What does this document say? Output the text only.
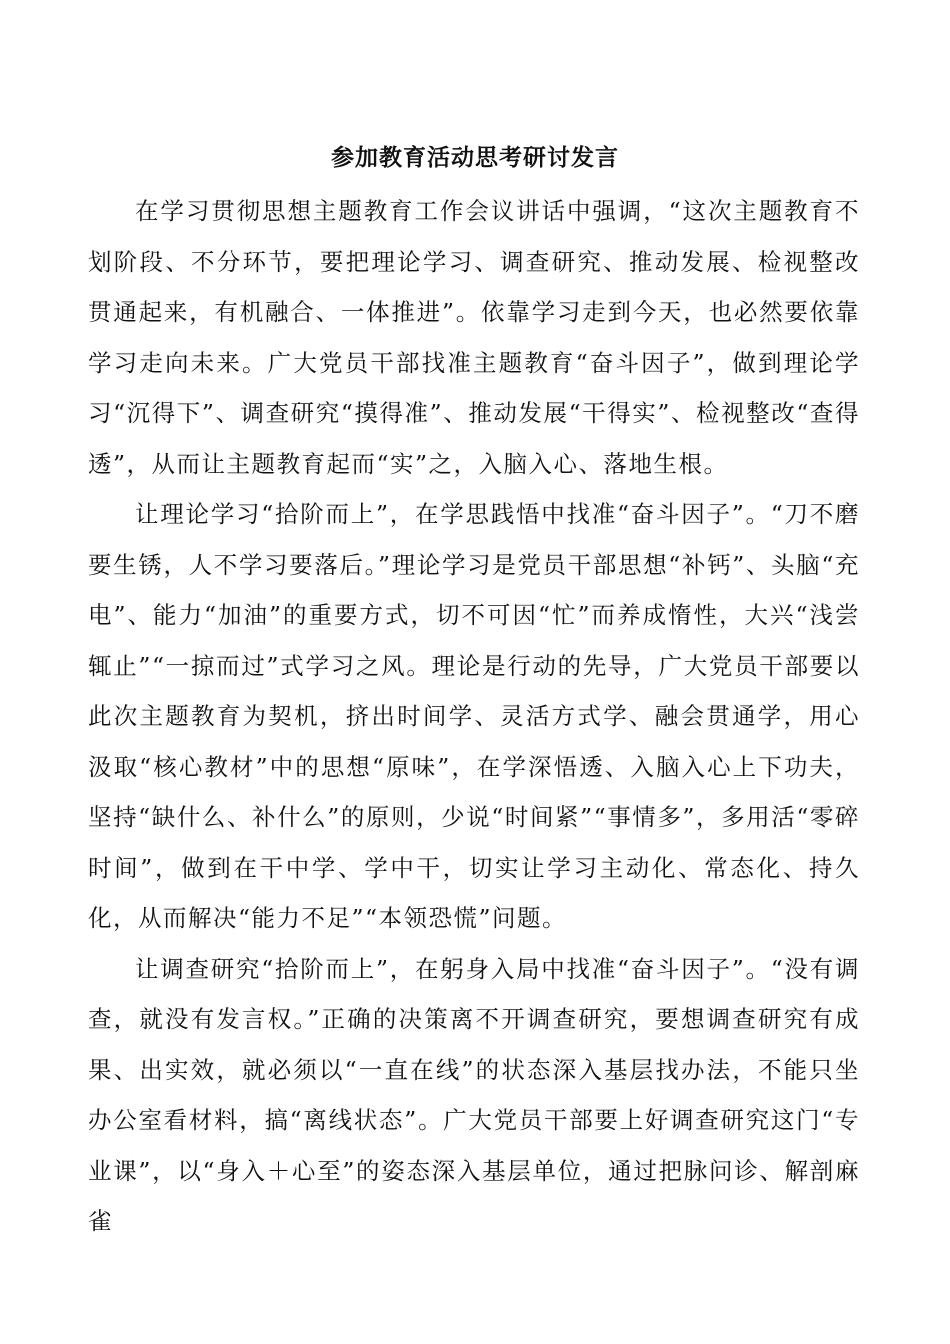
参加教育活动思考研讨发言

在学习贯彻思想主题教育工作会议讲话中强调，“这次主题教育不划阶段、不分环节，要把理论学习、调查研究、推动发展、检视整改贯通起来，有机融合、一体推进”。依靠学习走到今天，也必然要依靠学习走向未来。广大党员干部找准主题教育“奋斗因子”，做到理论学习“沉得下”、调查研究“摸得准”、推动发展“干得实”、检视整改“查得透”，从而让主题教育起而“实”之，入脑入心、落地生根。

让理论学习“拾阶而上”，在学思践悟中找准“奋斗因子”。“刀不磨要生锈，人不学习要落后。”理论学习是党员干部思想“补钙”、头脑“充电”、能力“加油”的重要方式，切不可因“忙”而养成惰性，大兴“浅尝辄止”“一掠而过”式学习之风。理论是行动的先导，广大党员干部要以此次主题教育为契机，挤出时间学、灵活方式学、融会贯通学，用心汲取“核心教材”中的思想“原味”，在学深悟透、入脑入心上下功夫，坚持“缺什么、补什么”的原则，少说“时间紧”“事情多”，多用活“零碎时间”，做到在干中学、学中干，切实让学习主动化、常态化、持久化，从而解决“能力不足”“本领恐慌”问题。

让调查研究“拾阶而上”，在躬身入局中找准“奋斗因子”。“没有调查，就没有发言权。”正确的决策离不开调查研究，要想调查研究有成果、出实效，就必须以“一直在线”的状态深入基层找办法，不能只坐办公室看材料，搞“离线状态”。广大党员干部要上好调查研究这门“专业课”，以“身入＋心至”的姿态深入基层单位，通过把脉问诊、解剖麻雀
